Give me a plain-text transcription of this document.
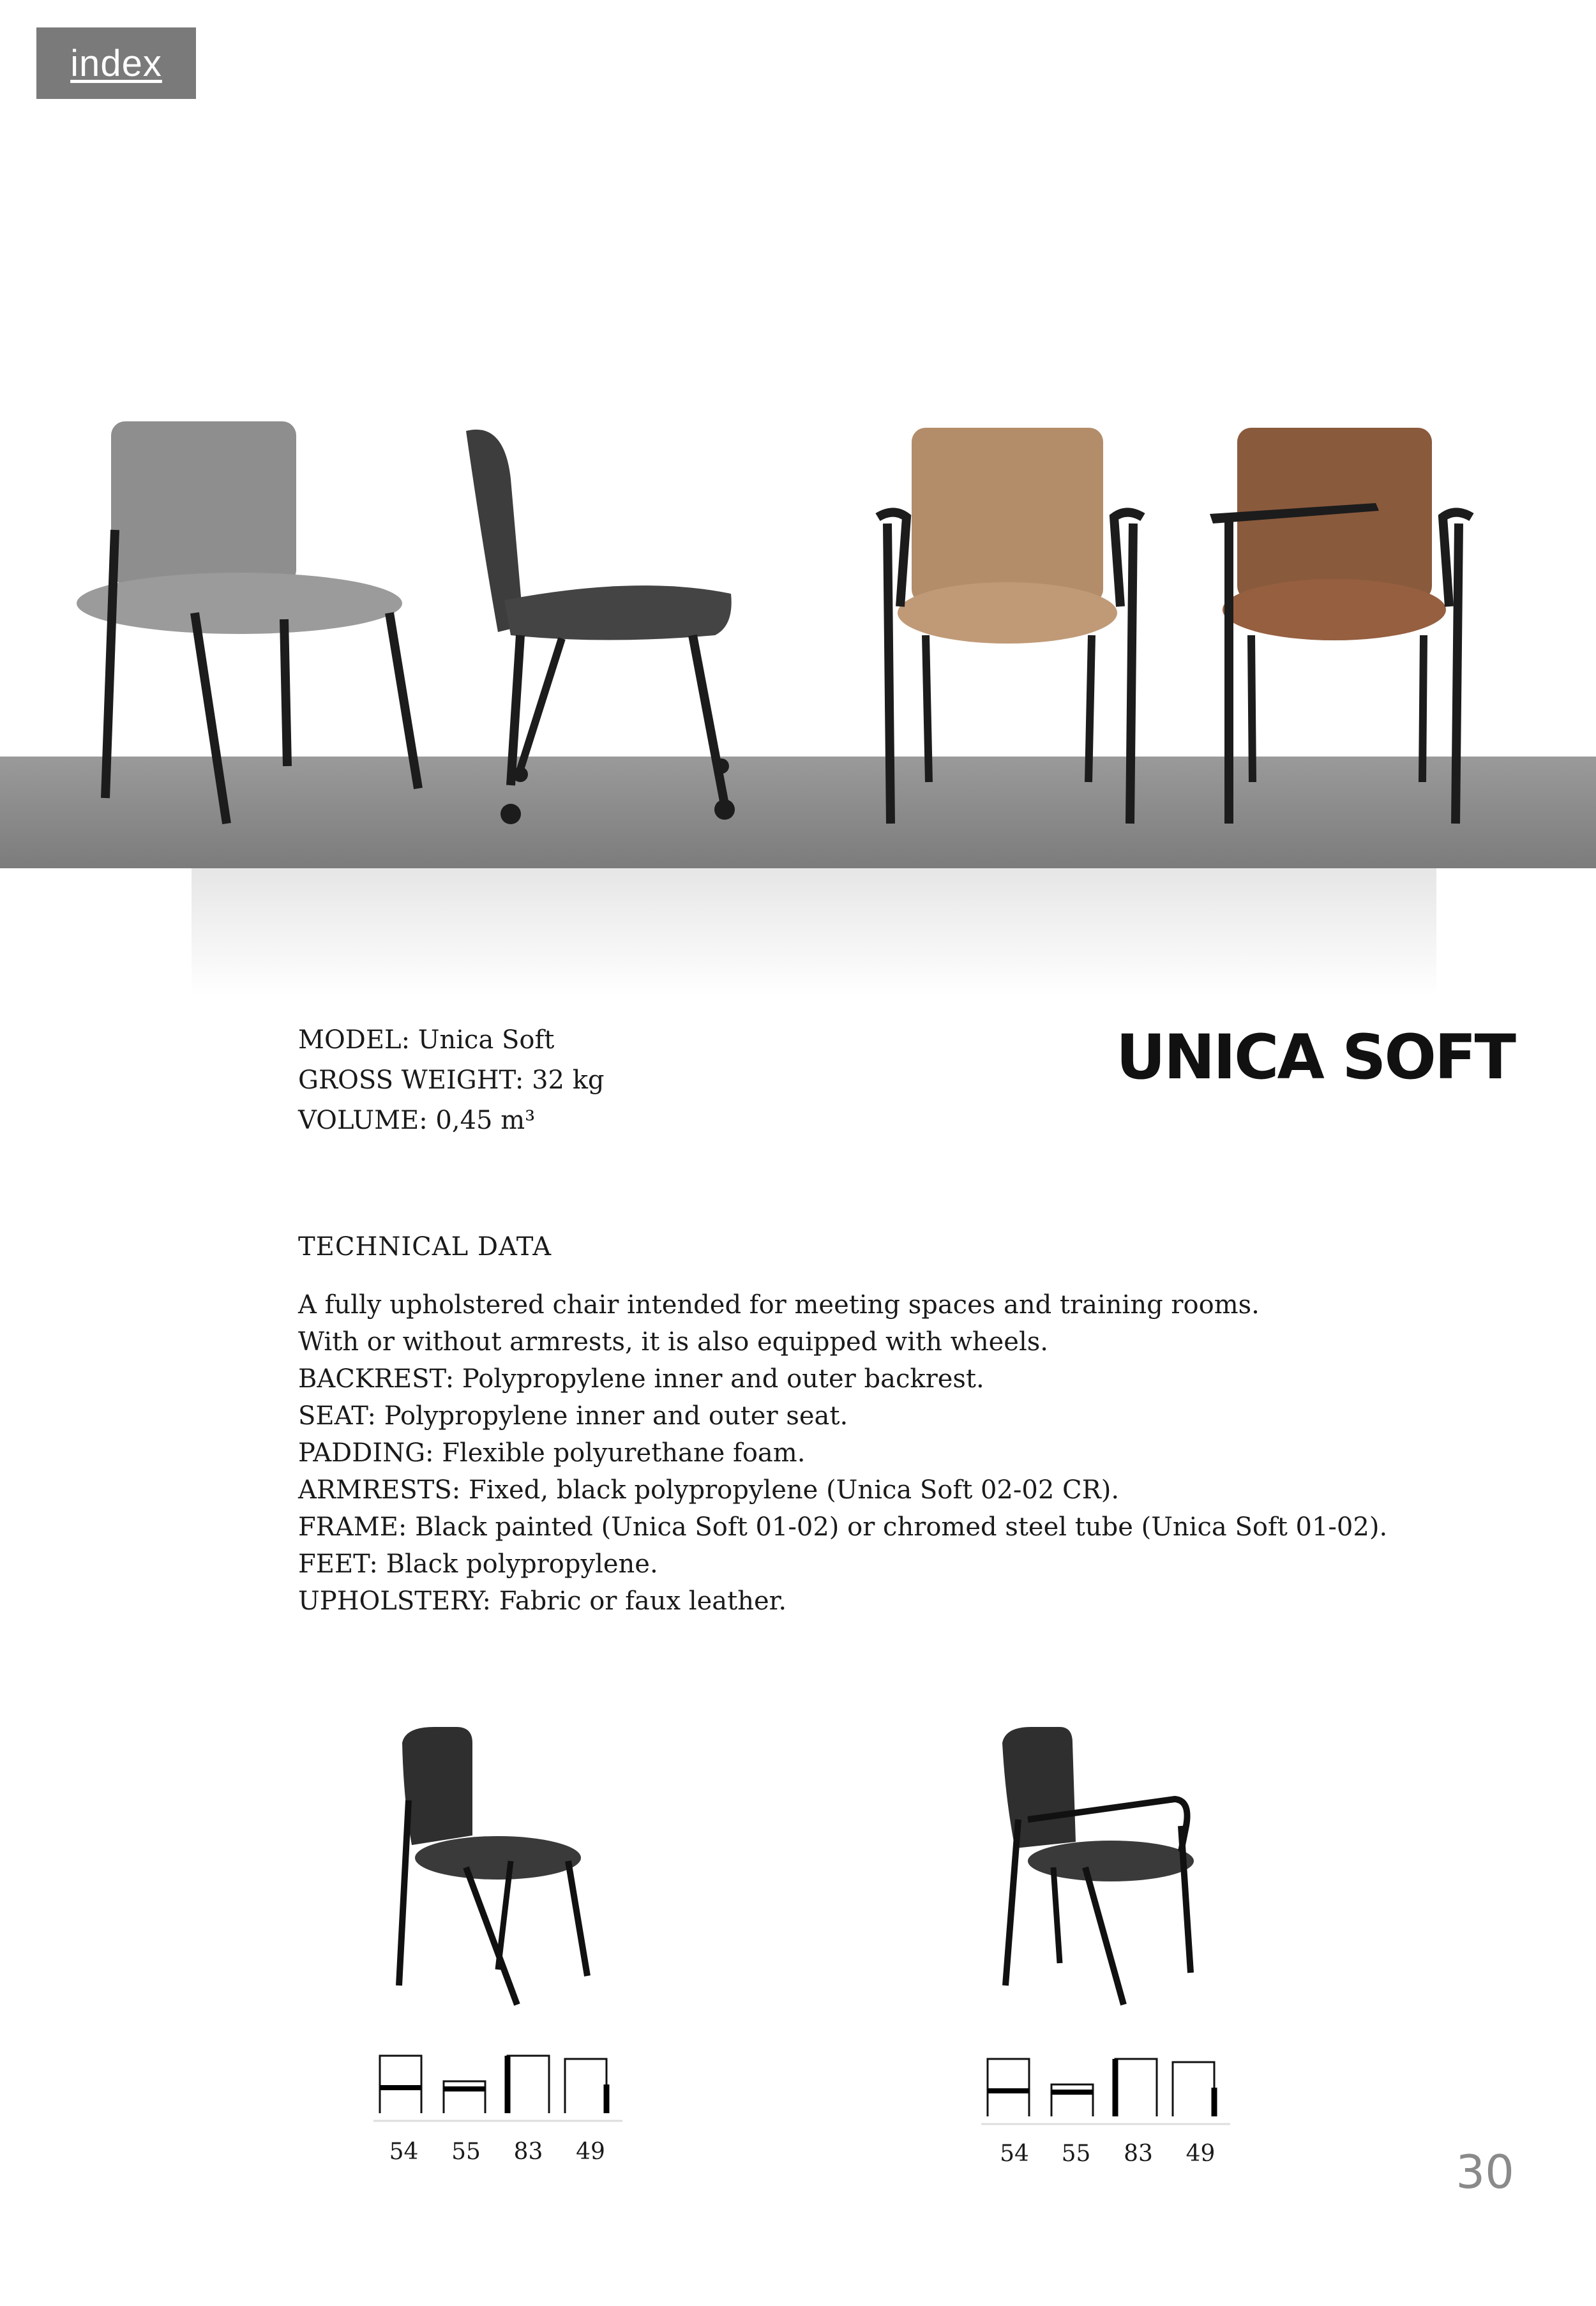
index
MODEL: Unica Soft
GROSS WEIGHT: 32 kg
VOLUME: 0,45 m³
UNICA SOFT
TECHNICAL DATA
A fully upholstered chair intended for meeting spaces and training rooms.
With or without armrests, it is also equipped with wheels.
BACKREST: Polypropylene inner and outer backrest.
SEAT: Polypropylene inner and outer seat.
PADDING: Flexible polyurethane foam.
ARMRESTS: Fixed, black polypropylene (Unica Soft 02-02 CR).
FRAME: Black painted (Unica Soft 01-02) or chromed steel tube (Unica Soft 01-02).
FEET: Black polypropylene.
UPHOLSTERY: Fabric or faux leather.
54	55	83	49	54	55	83	49	30
